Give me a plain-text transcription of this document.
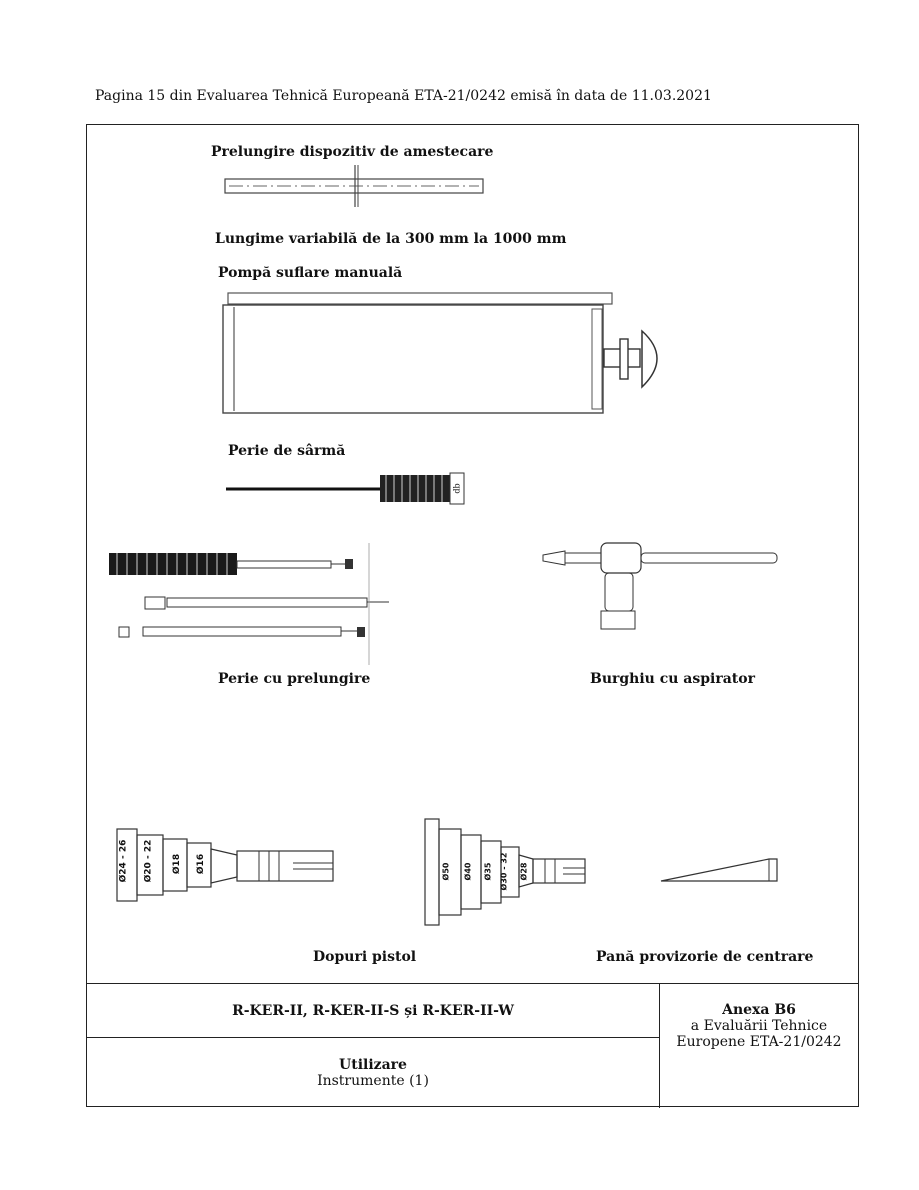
Pagina 15 din Evaluarea Tehnică Europeană ETA-21/0242 emisă în data de 11.03.2021
Prelungire dispozitiv de amestecare
Lungime variabilă de la 300 mm la 1000 mm
Pompă suflare manuală
Perie de sârmă
db
Perie cu prelungire	Burghiu cu aspirator
Ø24 - 26 Ø20 - 22 Ø18 Ø16	Ø50 Ø40 Ø35 Ø30 - 32 Ø28
Dopuri pistol	Pană provizorie de centrare
R-KER-II, R-KER-II-S și R-KER-II-W
Utilizare
Instrumente (1)
Anexa B6
a Evaluării Tehnice
Europene ETA-21/0242
